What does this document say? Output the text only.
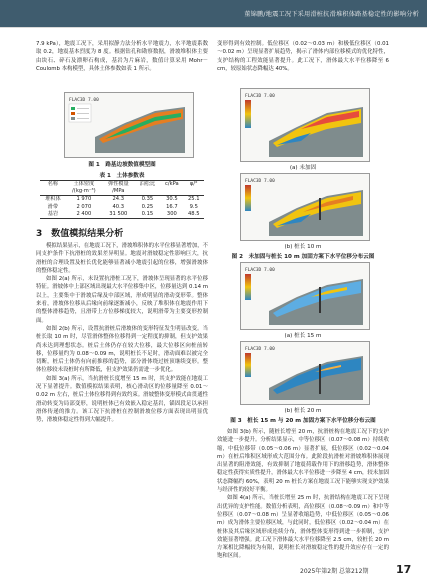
董锦鹏/地震工况下采用滑桩抗滑堆积体路基稳定性的影响分析

7.9 kPa），地震工况下，采用拟静力法分析水平地震力，水平地震系数取 0.2，地震基本烈度为 8 度。根据钻孔和勘察数据，滑坡堆积体主要由块石、碎石及漂卵石构成，基岩为片麻岩，数值计算采用 Mohr－Coulomb 本构模型，具体土体参数如表 1 所示。

FLAC3D 7.00
图 1　路基边坡数值模型图
表 1　土体参数表
名称	土体密度	弹性模量	泊松比	c/kPa	φ/°
	/(kg·m⁻³)	/MPa			
堆积体	1 970	24.3	0.35	30.5	25.1
滑带	2 070	40.3	0.25	16.7	9.5
基岩	2 400	31 500	0.15	300	48.5
3　数值模拟结果分析

模拟结果显示，在地震工况下，滑坡堆积体的水平位移显著增加，不同支护条件下抗滑桩的效果差异明显。地震对滑坡稳定性影响巨大，抗滑桩的合理设置及桩长优化能够显著减小地震引起的位移，增强滑坡体的整体稳定性。

如图 2(a) 所示，未设置抗滑桩工况下，滑坡体呈现显著的水平位移特征。滑坡体中上部区域出现最大水平位移集中区，位移量达到 0.14 m 以上，主要集中于滑坡后缘及中部区域，形成明显的滑动变形带。整体来看，滑坡体位移从后缘向前缘逐渐减小，反映了堆积体在地震作用下的整体滑移趋势，且滑带上方位移梯度较大，说明滑带为主要变形控制面。

如图 2(b) 所示，设置抗滑桩后滑坡体的变形特征发生明显改变。当桩长取 10 m 时，尽管滑体整体位移得到一定程度的抑制，但支护效果尚未达到理想状态。桩后土体仍存在较大位移，最大位移区向桩前转移，位移量约为 0.08～0.09 m，说明桩长不足时，滑动面难以被完全切断，桩后土体仍有向前推移的趋势，部分滑体绕过桩顶继续变形。整体位移较未设桩时有所降低，但支护效果仍需进一步优化。

如图 3(a) 所示，当抗滑桩长度增至 15 m 时，其支护效能在地震工况下显著提升。数值模拟结果表明，核心滑动区的位移量降至 0.01～0.02 m 左右，桩后土体位移得到有效约束。滑坡整体变形模式由贯通性滑动转变为局部变形，说明桩体已有效嵌入稳定基岩，锚固段足以承担滑体传递的推力。该工况下抗滑桩在控制滑坡位移方面表现出明显优势，滑坡体稳定性得到大幅提升。

变形得到有效控制。低位移区（0.02～0.03 m）和极低位移区（0.01～0.02 m）呈现显著扩展趋势，揭示了滑体内部位移模式的优化特性，支护结构的工程效能显著提升。此工况下，滑体最大水平位移降至 6 cm，较原始状态降幅达 40%。

FLAC3D 7.00
(a) 未加固
FLAC3D 7.00
(b) 桩长 10 m
图 2　未加固与桩长 10 m 加固方案下水平位移分布云图
FLAC3D 7.00
(a) 桩长 15 m
FLAC3D 7.00
(b) 桩长 20 m
图 3　桩长 15 m 与 20 m 加固方案下水平位移分布云图

如图 3(b) 所示，随桩长增至 20 m，抗滑桩构在地震工况下的支护效能进一步提升。分析结果显示，中等位移区（0.07～0.08 m）持续收缩，中低位移带（0.05～0.06 m）显著扩展，低位移区（0.02～0.04 m）在桩后堆积区域形成大范围分布。此阶段抗滑桩对滑坡堆积体展现出显著的阻滑效能，有效抑制了地震荷载作用下的滑移趋势，滑体整体稳定性获得实质性提升，滑体最大水平位移进一步降至 4 cm，较未加固状态降幅约 60%，表明 20 m 桩长方案在地震工况下能够实现支护效果与经济性的较好平衡。

如图 4(a) 所示，当桩长增至 25 m 时，抗滑结构在地震工况下呈现出优异的支护性能。数值分析表明，高位移区（0.08～0.09 m）和中等位移区（0.07～0.08 m）呈显著收缩趋势，中低位移区（0.05～0.06 m）成为滑体主要位移区域，与此同时，低位移区（0.02～0.04 m）在桩体及其后缘区域形成连续分布，滑体整体变形得到进一步抑制，支护效能显著增强。此工况下滑体最大水平位移降至 2.5 cm，较桩长 20 m 方案相比降幅较为有限，说明桩长对滑坡稳定性的提升效应存在一定的饱和区间。

2025年第2期 总第212期	17
